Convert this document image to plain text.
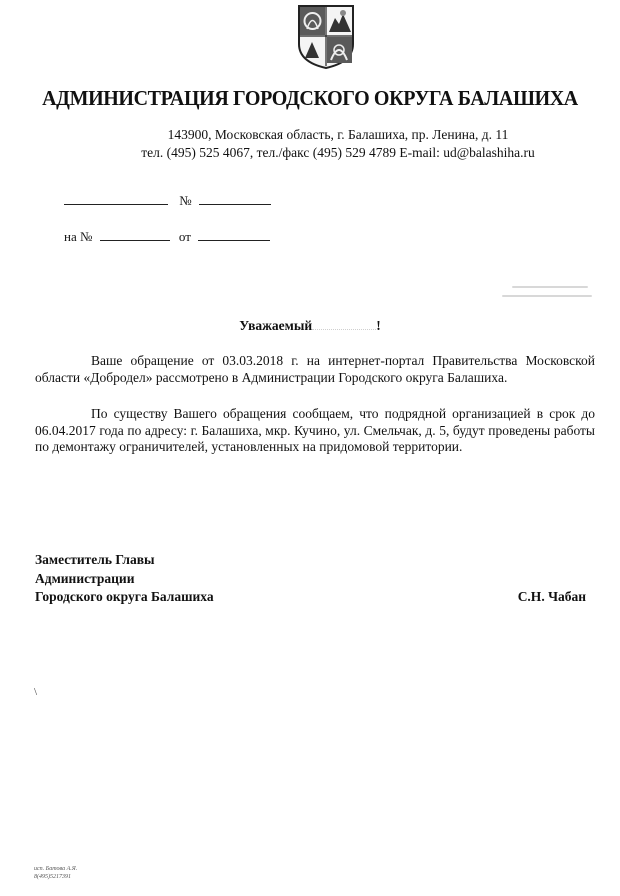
АДМИНИСТРАЦИЯ ГОРОДСКОГО ОКРУГА БАЛАШИХА
143900, Московская область, г. Балашиха, пр. Ленина, д. 11
тел. (495) 525 4067, тел./факс (495) 529 4789 E-mail: ud@balashiha.ru
№
на №	от
Уважаемый	!

Ваше обращение от 03.03.2018 г. на интернет-портал Правительства Московской области «Добродел» рассмотрено в Администрации Городского округа Балашиха.

По существу Вашего обращения сообщаем, что подрядной организацией в срок до 06.04.2017 года по адресу: г. Балашиха, мкр. Кучино, ул. Смельчак, д. 5, будут проведены работы по демонтажу ограничителей, установленных на придомовой территории.

Заместитель Главы
Администрации
Городского округа Балашиха	С.Н. Чабан
\
исп. Батова А.Я.
8(495)5217391
